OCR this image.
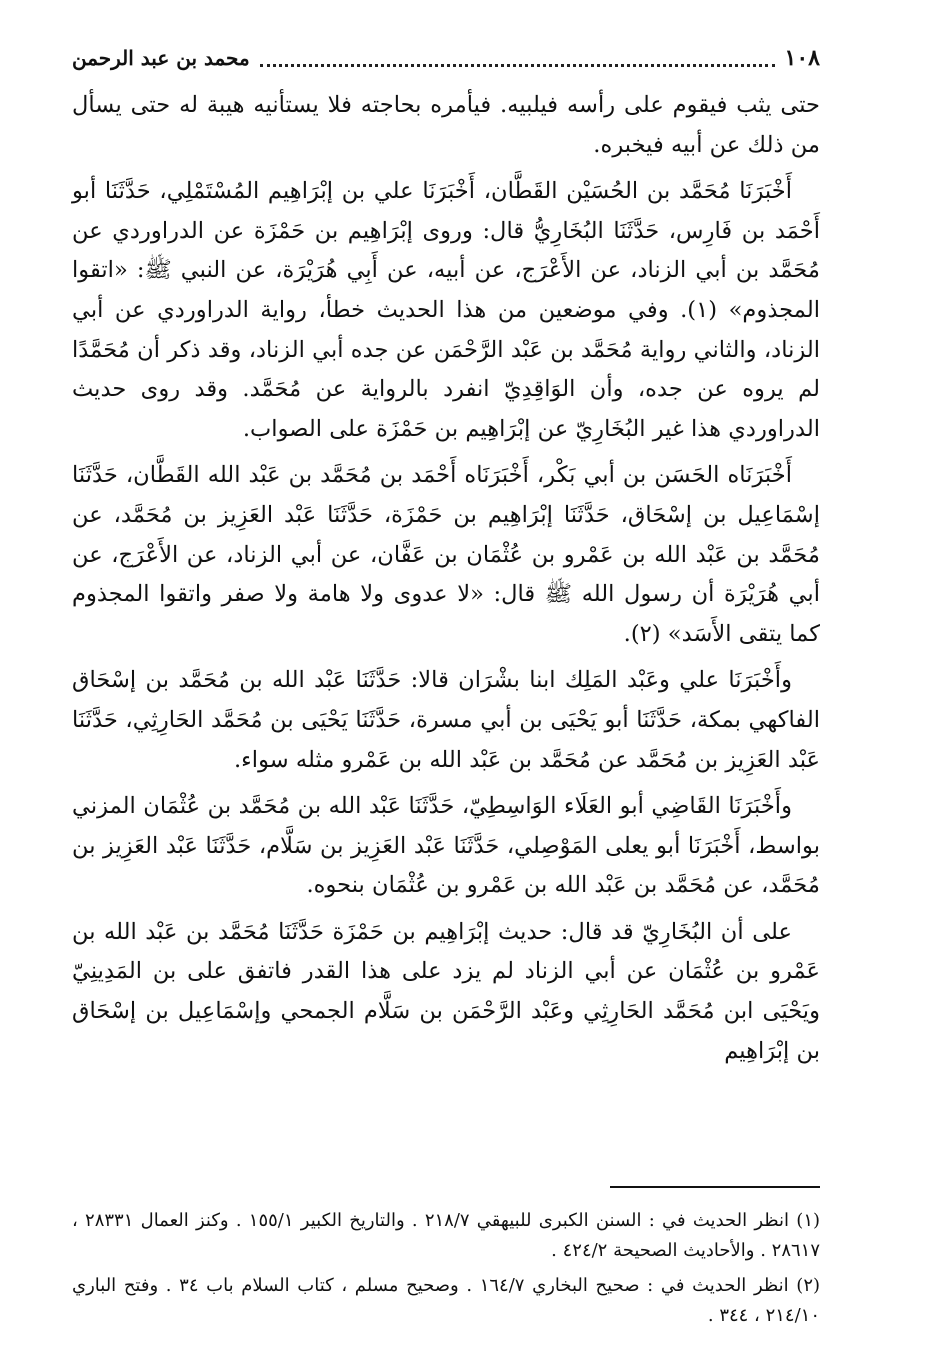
١٠٨
محمد بن عبد الرحمن

حتى يثب فيقوم على رأسه فيلبيه. فيأمره بحاجته فلا يستأنيه هيبة له حتى يسأل من ذلك عن أبيه فيخبره.

أَخْبَرَنَا مُحَمَّد بن الحُسَيْن القَطَّان، أَخْبَرَنَا علي بن إبْرَاهِيم المُسْتَمْلِي، حَدَّثَنَا أبو أَحْمَد بن فَارِس، حَدَّثَنَا البُخَارِيُّ قال: وروى إبْرَاهِيم بن حَمْزَة عن الدراوردي عن مُحَمَّد بن أبي الزناد، عن الأَعْرَج، عن أبيه، عن أَبِي هُرَيْرَة، عن النبي ﷺ: «اتقوا المجذوم» (١). وفي موضعين من هذا الحديث خطأ، رواية الدراوردي عن أبي الزناد، والثاني رواية مُحَمَّد بن عَبْد الرَّحْمَن عن جده أبي الزناد، وقد ذكر أن مُحَمَّدًا لم يروه عن جده، وأن الوَاقِدِيّ انفرد بالرواية عن مُحَمَّد. وقد روى حديث الدراوردي هذا غير البُخَارِيّ عن إبْرَاهِيم بن حَمْزَة على الصواب.

أَخْبَرَنَاه الحَسَن بن أبي بَكْر، أَخْبَرَنَاه أَحْمَد بن مُحَمَّد بن عَبْد الله القَطَّان، حَدَّثَنَا إسْمَاعِيل بن إسْحَاق، حَدَّثَنَا إبْرَاهِيم بن حَمْزَة، حَدَّثَنَا عَبْد العَزِيز بن مُحَمَّد، عن مُحَمَّد بن عَبْد الله بن عَمْرو بن عُثْمَان بن عَفَّان، عن أبي الزناد، عن الأَعْرَج، عن أبي هُرَيْرَة أن رسول الله ﷺ قال: «لا عدوى ولا هامة ولا صفر واتقوا المجذوم كما يتقى الأَسَد» (٢).

وأَخْبَرَنَا علي وعَبْد المَلِك ابنا بشْرَان قالا: حَدَّثَنَا عَبْد الله بن مُحَمَّد بن إسْحَاق الفاكهي بمكة، حَدَّثَنَا أبو يَحْيَى بن أبي مسرة، حَدَّثَنَا يَحْيَى بن مُحَمَّد الحَارِثِي، حَدَّثَنَا عَبْد العَزِيز بن مُحَمَّد عن مُحَمَّد بن عَبْد الله بن عَمْرو مثله سواء.

وأَخْبَرَنَا القَاضِي أبو العَلَاء الوَاسِطِيّ، حَدَّثَنَا عَبْد الله بن مُحَمَّد بن عُثْمَان المزني بواسط، أَخْبَرَنَا أبو يعلى المَوْصِلي، حَدَّثَنَا عَبْد العَزِيز بن سَلَّام، حَدَّثَنَا عَبْد العَزِيز بن مُحَمَّد، عن مُحَمَّد بن عَبْد الله بن عَمْرو بن عُثْمَان بنحوه.

على أن البُخَارِيّ قد قال: حديث إبْرَاهِيم بن حَمْزَة حَدَّثَنَا مُحَمَّد بن عَبْد الله بن عَمْرو بن عُثْمَان عن أبي الزناد لم يزد على هذا القدر فاتفق على بن المَدِينِيّ ويَحْيَى ابن مُحَمَّد الحَارِثِي وعَبْد الرَّحْمَن بن سَلَّام الجمحي وإسْمَاعِيل بن إسْحَاق بن إبْرَاهِيم

(١) انظر الحديث في : السنن الكبرى للبيهقي ٢١٨/٧ . والتاريخ الكبير ١٥٥/١ . وكنز العمال ٢٨٣٣١ ، ٢٨٦١٧ . والأحاديث الصحيحة ٤٢٤/٢ .

(٢) انظر الحديث في : صحيح البخاري ١٦٤/٧ . وصحيح مسلم ، كتاب السلام باب ٣٤ . وفتح الباري ٢١٤/١٠ ، ٣٤٤ .
